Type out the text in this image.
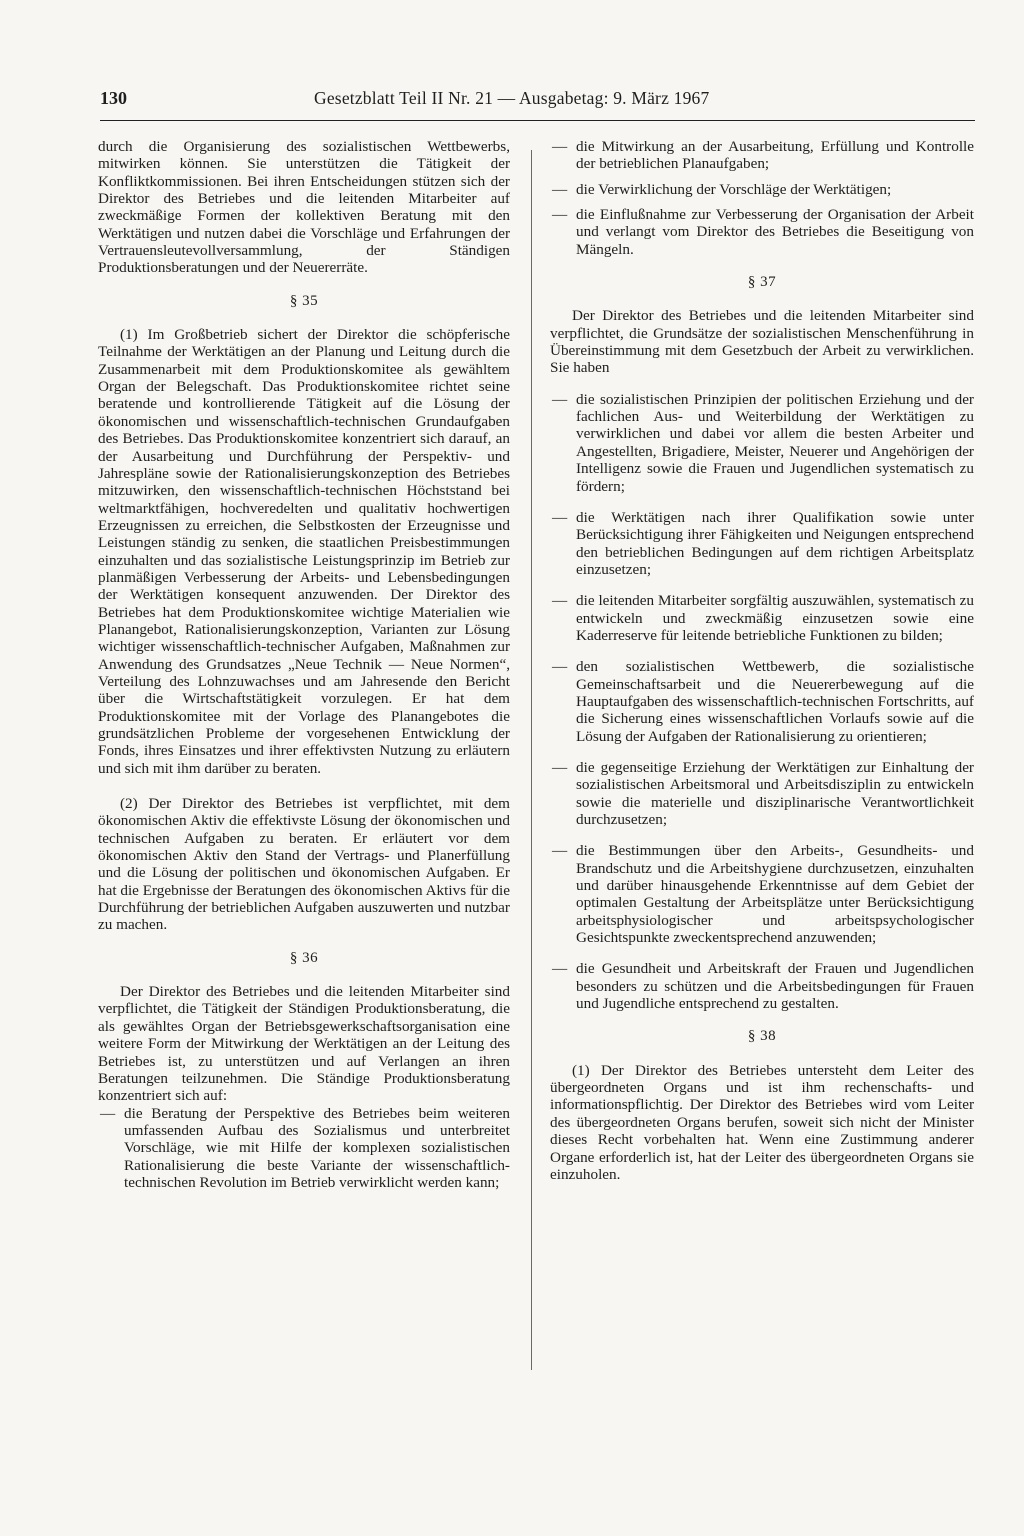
130	Gesetzblatt Teil II Nr. 21 — Ausgabetag: 9. März 1967

durch die Organisierung des sozialistischen Wettbewerbs, mitwirken können. Sie unterstützen die Tätigkeit der Konfliktkommissionen. Bei ihren Entscheidungen stützen sich der Direktor des Betriebes und die leitenden Mitarbeiter auf zweckmäßige Formen der kollektiven Beratung mit den Werktätigen und nutzen dabei die Vorschläge und Erfahrungen der Vertrauensleutevollversammlung, der Ständigen Produktionsberatungen und der Neuererräte.

§ 35

(1) Im Großbetrieb sichert der Direktor die schöpferische Teilnahme der Werktätigen an der Planung und Leitung durch die Zusammenarbeit mit dem Produktionskomitee als gewähltem Organ der Belegschaft. Das Produktionskomitee richtet seine beratende und kontrollierende Tätigkeit auf die Lösung der ökonomischen und wissenschaftlich-technischen Grundaufgaben des Betriebes. Das Produktionskomitee konzentriert sich darauf, an der Ausarbeitung und Durchführung der Perspektiv- und Jahrespläne sowie der Rationalisierungskonzeption des Betriebes mitzuwirken, den wissenschaftlich-technischen Höchststand bei weltmarktfähigen, hochveredelten und qualitativ hochwertigen Erzeugnissen zu erreichen, die Selbstkosten der Erzeugnisse und Leistungen ständig zu senken, die staatlichen Preisbestimmungen einzuhalten und das sozialistische Leistungsprinzip im Betrieb zur planmäßigen Verbesserung der Arbeits- und Lebensbedingungen der Werktätigen konsequent anzuwenden. Der Direktor des Betriebes hat dem Produktionskomitee wichtige Materialien wie Planangebot, Rationalisierungskonzeption, Varianten zur Lösung wichtiger wissenschaftlich-technischer Aufgaben, Maßnahmen zur Anwendung des Grundsatzes „Neue Technik — Neue Normen“, Verteilung des Lohnzuwachses und am Jahresende den Bericht über die Wirtschaftstätigkeit vorzulegen. Er hat dem Produktionskomitee mit der Vorlage des Planangebotes die grundsätzlichen Probleme der vorgesehenen Entwicklung der Fonds, ihres Einsatzes und ihrer effektivsten Nutzung zu erläutern und sich mit ihm darüber zu beraten.

(2) Der Direktor des Betriebes ist verpflichtet, mit dem ökonomischen Aktiv die effektivste Lösung der ökonomischen und technischen Aufgaben zu beraten. Er erläutert vor dem ökonomischen Aktiv den Stand der Vertrags- und Planerfüllung und die Lösung der politischen und ökonomischen Aufgaben. Er hat die Ergebnisse der Beratungen des ökonomischen Aktivs für die Durchführung der betrieblichen Aufgaben auszuwerten und nutzbar zu machen.

§ 36

Der Direktor des Betriebes und die leitenden Mitarbeiter sind verpflichtet, die Tätigkeit der Ständigen Produktionsberatung, die als gewähltes Organ der Betriebsgewerkschaftsorganisation eine weitere Form der Mitwirkung der Werktätigen an der Leitung des Betriebes ist, zu unterstützen und auf Verlangen an ihren Beratungen teilzunehmen. Die Ständige Produktionsberatung konzentriert sich auf:

— die Beratung der Perspektive des Betriebes beim weiteren umfassenden Aufbau des Sozialismus und unterbreitet Vorschläge, wie mit Hilfe der komplexen sozialistischen Rationalisierung die beste Variante der wissenschaftlich-technischen Revolution im Betrieb verwirklicht werden kann;
— die Mitwirkung an der Ausarbeitung, Erfüllung und Kontrolle der betrieblichen Planaufgaben;
— die Verwirklichung der Vorschläge der Werktätigen;
— die Einflußnahme zur Verbesserung der Organisation der Arbeit und verlangt vom Direktor des Betriebes die Beseitigung von Mängeln.

§ 37

Der Direktor des Betriebes und die leitenden Mitarbeiter sind verpflichtet, die Grundsätze der sozialistischen Menschenführung in Übereinstimmung mit dem Gesetzbuch der Arbeit zu verwirklichen. Sie haben

— die sozialistischen Prinzipien der politischen Erziehung und der fachlichen Aus- und Weiterbildung der Werktätigen zu verwirklichen und dabei vor allem die besten Arbeiter und Angestellten, Brigadiere, Meister, Neuerer und Angehörigen der Intelligenz sowie die Frauen und Jugendlichen systematisch zu fördern;
— die Werktätigen nach ihrer Qualifikation sowie unter Berücksichtigung ihrer Fähigkeiten und Neigungen entsprechend den betrieblichen Bedingungen auf dem richtigen Arbeitsplatz einzusetzen;
— die leitenden Mitarbeiter sorgfältig auszuwählen, systematisch zu entwickeln und zweckmäßig einzusetzen sowie eine Kaderreserve für leitende betriebliche Funktionen zu bilden;
— den sozialistischen Wettbewerb, die sozialistische Gemeinschaftsarbeit und die Neuererbewegung auf die Hauptaufgaben des wissenschaftlich-technischen Fortschritts, auf die Sicherung eines wissenschaftlichen Vorlaufs sowie auf die Lösung der Aufgaben der Rationalisierung zu orientieren;
— die gegenseitige Erziehung der Werktätigen zur Einhaltung der sozialistischen Arbeitsmoral und Arbeitsdisziplin zu entwickeln sowie die materielle und disziplinarische Verantwortlichkeit durchzusetzen;
— die Bestimmungen über den Arbeits-, Gesundheits- und Brandschutz und die Arbeitshygiene durchzusetzen, einzuhalten und darüber hinausgehende Erkenntnisse auf dem Gebiet der optimalen Gestaltung der Arbeitsplätze unter Berücksichtigung arbeitsphysiologischer und arbeitspsychologischer Gesichtspunkte zweckentsprechend anzuwenden;
— die Gesundheit und Arbeitskraft der Frauen und Jugendlichen besonders zu schützen und die Arbeitsbedingungen für Frauen und Jugendliche entsprechend zu gestalten.

§ 38

(1) Der Direktor des Betriebes untersteht dem Leiter des übergeordneten Organs und ist ihm rechenschafts- und informationspflichtig. Der Direktor des Betriebes wird vom Leiter des übergeordneten Organs berufen, soweit sich nicht der Minister dieses Recht vorbehalten hat. Wenn eine Zustimmung anderer Organe erforderlich ist, hat der Leiter des übergeordneten Organs sie einzuholen.
